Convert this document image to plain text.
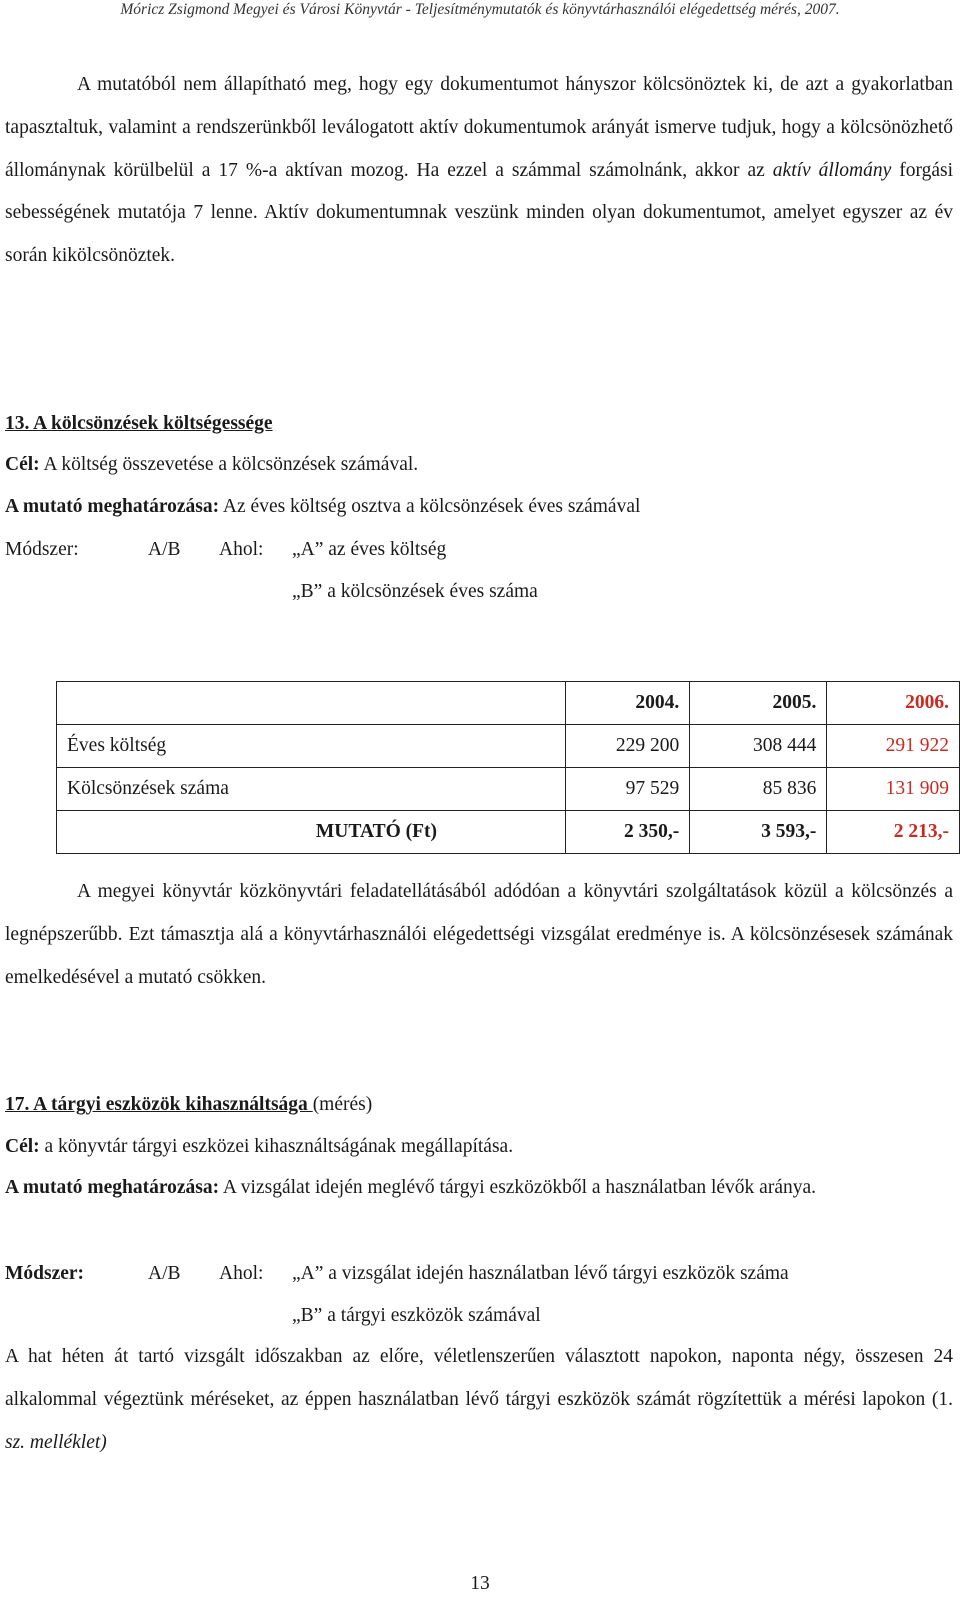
Móricz Zsigmond Megyei és Városi Könyvtár - Teljesítménymutatók és könyvtárhasználói elégedettség mérés, 2007.
A mutatóból nem állapítható meg, hogy egy dokumentumot hányszor kölcsönöztek ki, de azt a gyakorlatban tapasztaltuk, valamint a rendszerünkből leválogatott aktív dokumentumok arányát ismerve tudjuk, hogy a kölcsönözhető állománynak körülbelül a 17 %-a aktívan mozog. Ha ezzel a számmal számolnánk, akkor az aktív állomány forgási sebességének mutatója 7 lenne. Aktív dokumentumnak veszünk minden olyan dokumentumot, amelyet egyszer az év során kikölcsönöztek.
13. A kölcsönzések költségessége
Cél: A költség összevetése a kölcsönzések számával.
A mutató meghatározása: Az éves költség osztva a kölcsönzések éves számával
Módszer:	A/B Ahol: „A” az éves költség
„B” a kölcsönzések éves száma
	2004.	2005.	2006.
Éves költség	229 200	308 444	291 922
Kölcsönzések száma	97 529	85 836	131 909
MUTATÓ (Ft)	2 350,-	3 593,-	2 213,-
A megyei könyvtár közkönyvtári feladatellátásából adódóan a könyvtári szolgáltatások közül a kölcsönzés a legnépszerűbb. Ezt támasztja alá a könyvtárhasználói elégedettségi vizsgálat eredménye is. A kölcsönzésesek számának emelkedésével a mutató csökken.
17. A tárgyi eszközök kihasználtsága (mérés)
Cél: a könyvtár tárgyi eszközei kihasználtságának megállapítása.
A mutató meghatározása: A vizsgálat idején meglévő tárgyi eszközökből a használatban lévők aránya.
Módszer:	A/B Ahol: „A” a vizsgálat idején használatban lévő tárgyi eszközök száma
„B” a tárgyi eszközök számával
A hat héten át tartó vizsgált időszakban az előre, véletlenszerűen választott napokon, naponta négy, összesen 24 alkalommal végeztünk méréseket, az éppen használatban lévő tárgyi eszközök számát rögzítettük a mérési lapokon (1. sz. melléklet)
13
